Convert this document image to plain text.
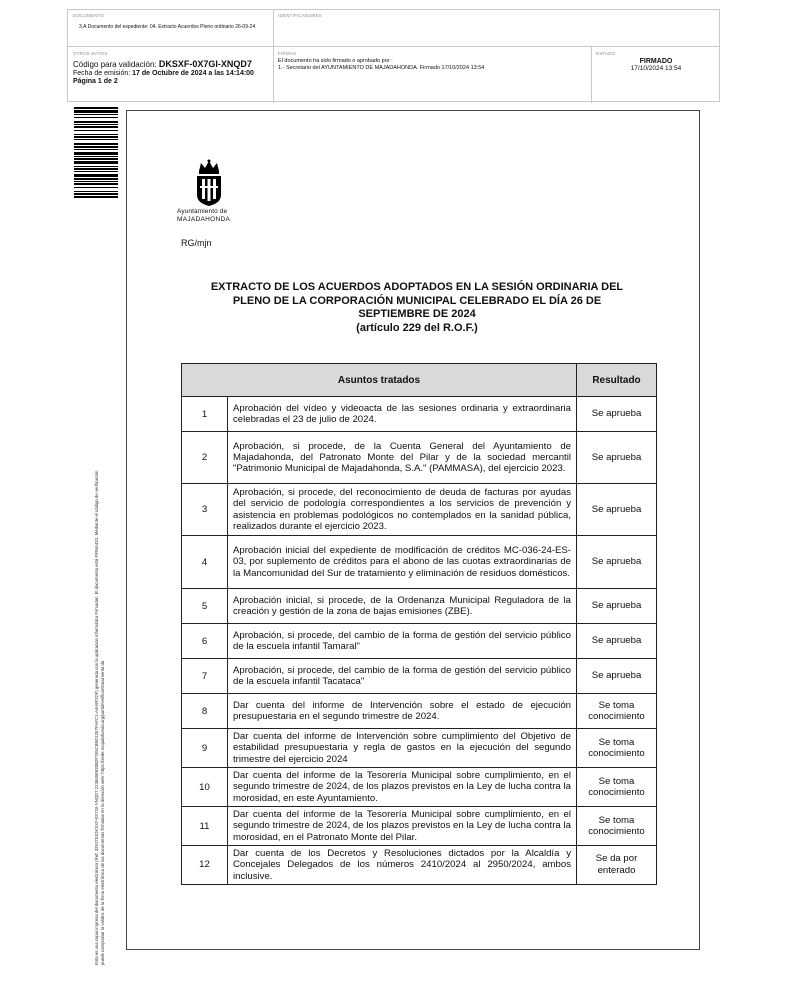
DOCUMENTO
3.A Documento del expediente: 04. Extracto Acuerdos Pleno ordinario 26-09-24
IDENTIFICADORES
OTROS DATOS
Código para validación: DKSXF-0X7GI-XNQD7
Fecha de emisión: 17 de Octubre de 2024 a las 14:14:00
Página 1 de 2
FIRMAS
El documento ha sido firmado o aprobado por :
1.- Secretario del AYUNTAMIENTO DE MAJADAHONDA. Firmado 17/10/2024 13:54
ESTADO
FIRMADO
17/10/2024 13:54
Esta es una copia impresa del documento electrónico (Ref: 3251751DKSXF-0X7GI-XNQD7 223849E820B2F7E5CB5D12E7FAFC1-A4A9F2DF) generada con la aplicación informática Firmadoc. El documento está FIRMADO. Mediante el código de verificación puede comprobar la validez de la firma electrónica de los documentos firmados en la dirección web: https://sede.majadahonda.org/portal/verificarDocumento.do
Ayuntamiento de
MAJADAHONDA
RG/mjn
EXTRACTO DE LOS ACUERDOS ADOPTADOS EN LA SESIÓN ORDINARIA DEL
PLENO DE LA CORPORACIÓN MUNICIPAL CELEBRADO EL DÍA 26 DE
SEPTIEMBRE DE 2024
(artículo 229 del R.O.F.)
Asuntos tratados		Resultado
1	Aprobación del vídeo y videoacta de las sesiones ordinaria y extraordinaria celebradas el 23 de julio de 2024.	Se aprueba
2	Aprobación, si procede, de la Cuenta General del Ayuntamiento de Majadahonda, del Patronato Monte del Pilar y de la sociedad mercantil "Patrimonio Municipal de Majadahonda, S.A." (PAMMASA), del ejercicio 2023.	Se aprueba
3	Aprobación, si procede, del reconocimiento de deuda de facturas por ayudas del servicio de podología correspondientes a los servicios de prevención y asistencia en problemas podológicos no contemplados en la sanidad pública, realizados durante el ejercicio 2023.	Se aprueba
4	Aprobación inicial del expediente de modificación de créditos MC-036-24-ES-03, por suplemento de créditos para el abono de las cuotas extraordinarias de la Mancomunidad del Sur de tratamiento y eliminación de residuos domésticos.	Se aprueba
5	Aprobación inicial, si procede, de la Ordenanza Municipal Reguladora de la creación y gestión de la zona de bajas emisiones (ZBE).	Se aprueba
6	Aprobación, si procede, del cambio de la forma de gestión del servicio público de la escuela infantil Tamaral"	Se aprueba
7	Aprobación, si procede, del cambio de la forma de gestión del servicio público de la escuela infantil Tacataca"	Se aprueba
8	Dar cuenta del informe de Intervención sobre el estado de ejecución presupuestaria en el segundo trimestre de 2024.	Se toma conocimiento
9	Dar cuenta del informe de Intervención sobre cumplimiento del Objetivo de estabilidad presupuestaria y regla de gastos en la ejecución del segundo trimestre del ejercicio 2024	Se toma conocimiento
10	Dar cuenta del informe de la Tesorería Municipal sobre cumplimiento, en el segundo trimestre de 2024, de los plazos previstos en la Ley de lucha contra la morosidad, en este Ayuntamiento.	Se toma conocimiento
11	Dar cuenta del informe de la Tesorería Municipal sobre cumplimiento, en el segundo trimestre de 2024, de los plazos previstos en la Ley de lucha contra la morosidad, en el Patronato Monte del Pilar.	Se toma conocimiento
12	Dar cuenta de los Decretos y Resoluciones dictados por la Alcaldía y Concejales Delegados de los números 2410/2024 al 2950/2024, ambos inclusive.	Se da por enterado
